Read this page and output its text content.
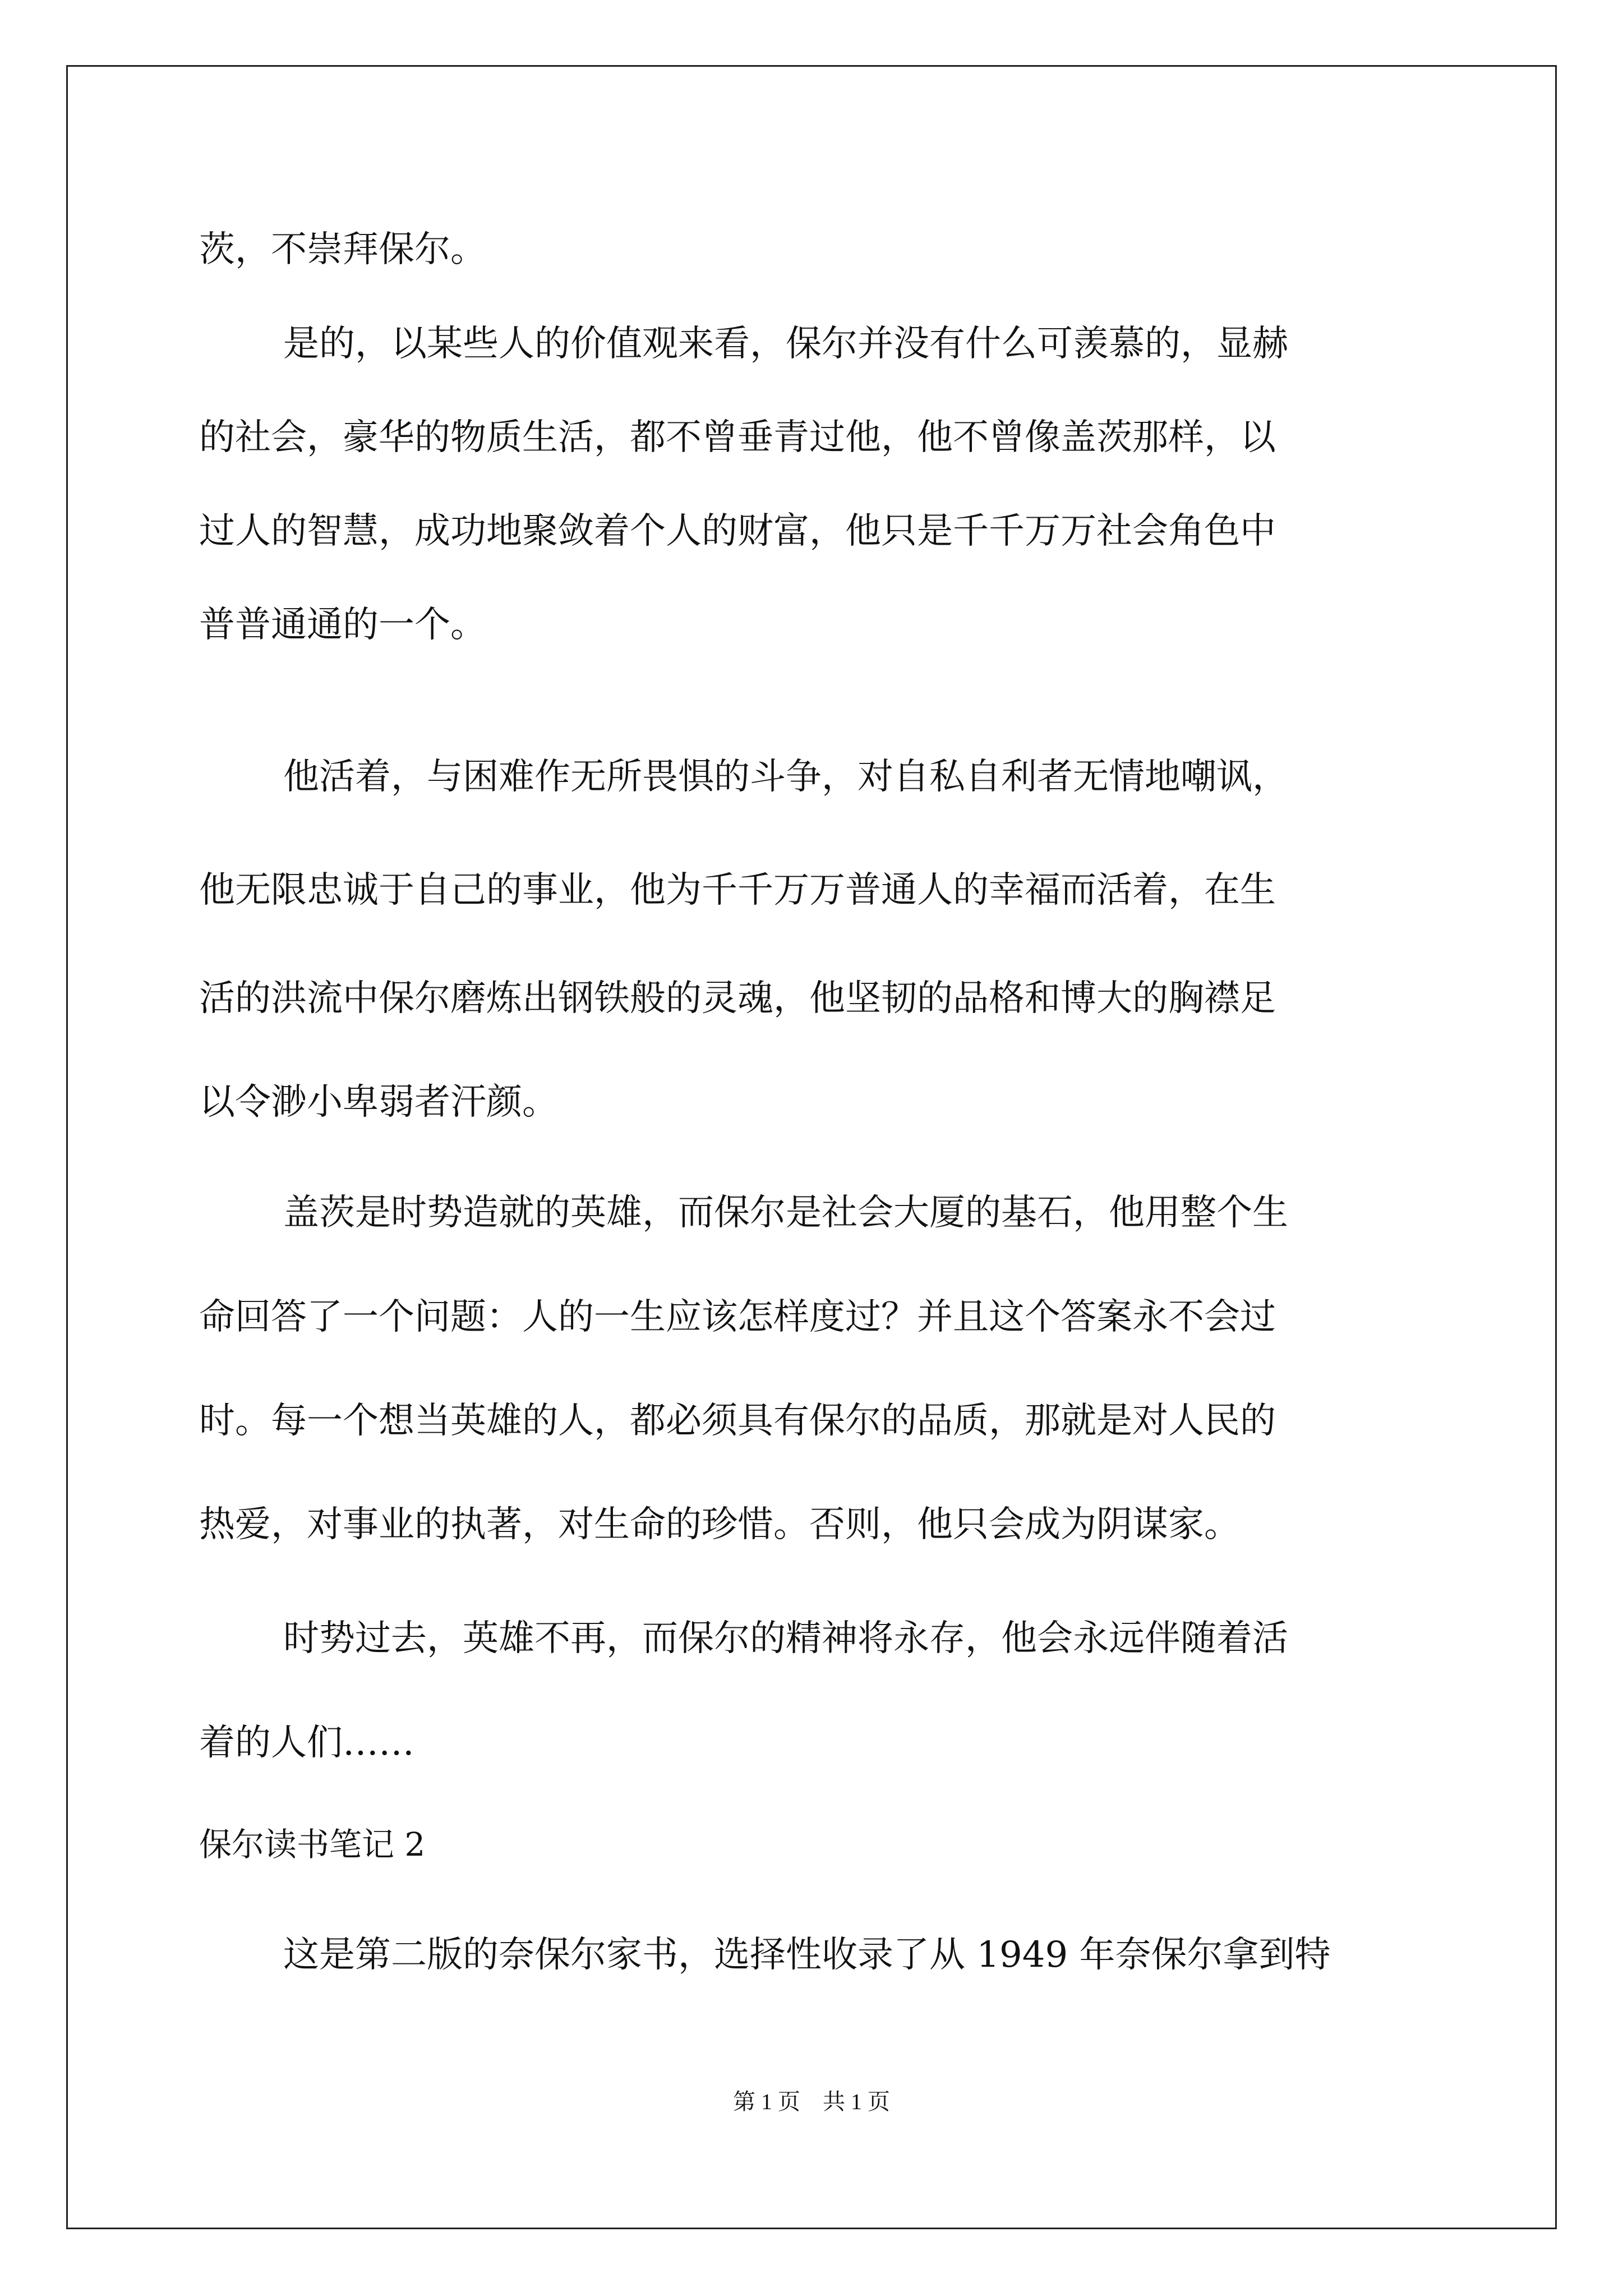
茨，不崇拜保尔。
是的，以某些人的价值观来看，保尔并没有什么可羡慕的，显赫
的社会，豪华的物质生活，都不曾垂青过他，他不曾像盖茨那样，以
过人的智慧，成功地聚敛着个人的财富，他只是千千万万社会角色中
普普通通的一个。
他活着，与困难作无所畏惧的斗争，对自私自利者无情地嘲讽，
他无限忠诚于自己的事业，他为千千万万普通人的幸福而活着，在生
活的洪流中保尔磨炼出钢铁般的灵魂，他坚韧的品格和博大的胸襟足
以令渺小卑弱者汗颜。
盖茨是时势造就的英雄，而保尔是社会大厦的基石，他用整个生
命回答了一个问题：人的一生应该怎样度过？并且这个答案永不会过
时。每一个想当英雄的人，都必须具有保尔的品质，那就是对人民的
热爱，对事业的执著，对生命的珍惜。否则，他只会成为阴谋家。
时势过去，英雄不再，而保尔的精神将永存，他会永远伴随着活
着的人们……
保尔读书笔记 2
这是第二版的奈保尔家书，选择性收录了从 1949 年奈保尔拿到特
第 1 页　共 1 页
